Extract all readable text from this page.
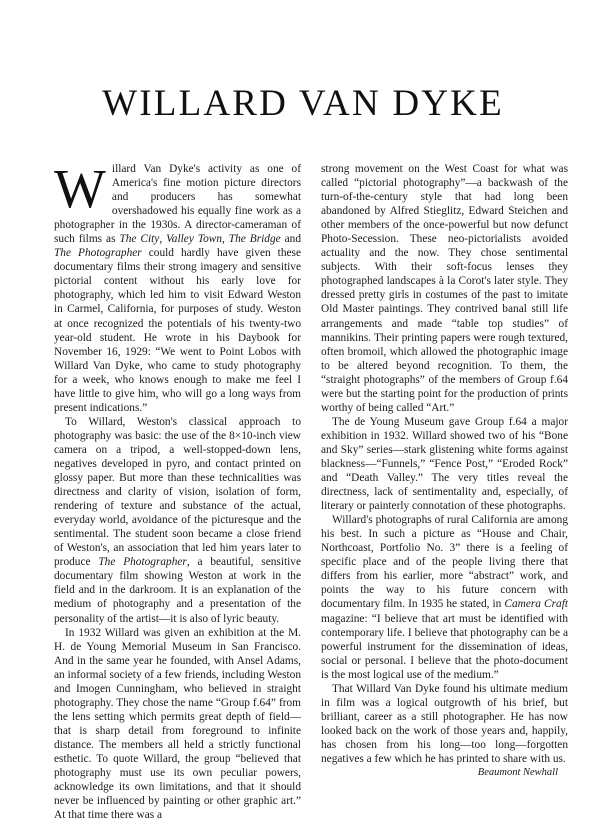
WILLARD VAN DYKE

Willard Van Dyke's activity as one of America's fine motion picture directors and producers has somewhat overshadowed his equally fine work as a photographer in the 1930s. A director-cameraman of such films as The City, Valley Town, The Bridge and The Photographer could hardly have given these documentary films their strong imagery and sensitive pictorial content without his early love for photography, which led him to visit Edward Weston in Carmel, California, for purposes of study. Weston at once recognized the potentials of his twenty-two year-old student. He wrote in his Daybook for November 16, 1929: “We went to Point Lobos with Willard Van Dyke, who came to study photography for a week, who knows enough to make me feel I have little to give him, who will go a long ways from present indications.”

To Willard, Weston's classical approach to photography was basic: the use of the 8×10-inch view camera on a tripod, a well-stopped-down lens, negatives developed in pyro, and contact printed on glossy paper. But more than these technicalities was directness and clarity of vision, isolation of form, rendering of texture and substance of the actual, everyday world, avoidance of the picturesque and the sentimental. The student soon became a close friend of Weston's, an association that led him years later to produce The Photographer, a beautiful, sensitive documentary film showing Weston at work in the field and in the darkroom. It is an explanation of the medium of photography and a presentation of the personality of the artist—it is also of lyric beauty.

In 1932 Willard was given an exhibition at the M. H. de Young Memorial Museum in San Francisco. And in the same year he founded, with Ansel Adams, an informal society of a few friends, including Weston and Imogen Cunningham, who believed in straight photography. They chose the name “Group f.64” from the lens setting which permits great depth of field—that is sharp detail from foreground to infinite distance. The members all held a strictly functional esthetic. To quote Willard, the group “believed that photography must use its own peculiar powers, acknowledge its own limitations, and that it should never be influenced by painting or other graphic art.” At that time there was a

strong movement on the West Coast for what was called “pictorial photography”—a backwash of the turn-of-the-century style that had long been abandoned by Alfred Stieglitz, Edward Steichen and other members of the once-powerful but now defunct Photo-Secession. These neo-pictorialists avoided actuality and the now. They chose sentimental subjects. With their soft-focus lenses they photographed landscapes à la Corot's later style. They dressed pretty girls in costumes of the past to imitate Old Master paintings. They contrived banal still life arrangements and made “table top studies” of mannikins. Their printing papers were rough textured, often bromoil, which allowed the photographic image to be altered beyond recognition. To them, the “straight photographs” of the members of Group f.64 were but the starting point for the production of prints worthy of being called “Art.”

The de Young Museum gave Group f.64 a major exhibition in 1932. Willard showed two of his “Bone and Sky” series—stark glistening white forms against blackness—“Funnels,” “Fence Post,” “Eroded Rock” and “Death Valley.” The very titles reveal the directness, lack of sentimentality and, especially, of literary or painterly connotation of these photographs.

Willard's photographs of rural California are among his best. In such a picture as “House and Chair, Northcoast, Portfolio No. 3” there is a feeling of specific place and of the people living there that differs from his earlier, more “abstract” work, and points the way to his future concern with documentary film. In 1935 he stated, in Camera Craft magazine: “I believe that art must be identified with contemporary life. I believe that photography can be a powerful instrument for the dissemination of ideas, social or personal. I believe that the photo-document is the most logical use of the medium.”

That Willard Van Dyke found his ultimate medium in film was a logical outgrowth of his brief, but brilliant, career as a still photographer. He has now looked back on the work of those years and, happily, has chosen from his long—too long—forgotten negatives a few which he has printed to share with us.

Beaumont Newhall
